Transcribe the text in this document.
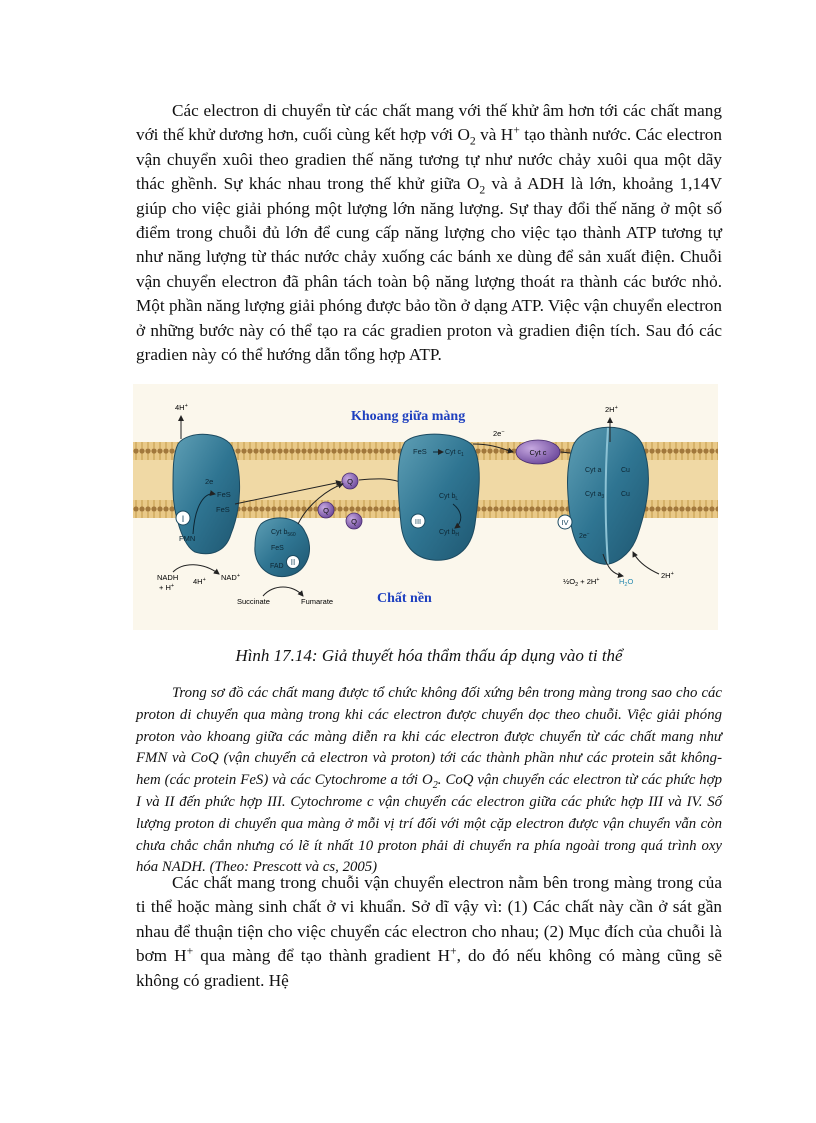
Các electron di chuyển từ các chất mang với thế khử âm hơn tới các chất mang với thế khử dương hơn, cuối cùng kết hợp với $O_2$ và H+ tạo thành nước. Các electron vận chuyển xuôi theo gradien thế năng tương tự như nước chảy xuôi qua một dãy thác ghềnh. Sự khác nhau trong thế khử giữa $O_2$ và ả ADH là lớn, khoảng 1,14V giúp cho việc giải phóng một lượng lớn năng lượng. Sự thay đổi thế năng ở một số điểm trong chuỗi đủ lớn để cung cấp năng lượng cho việc tạo thành ATP tương tự như năng lượng từ thác nước chảy xuống các bánh xe dùng để sản xuất điện. Chuỗi vận chuyển electron đã phân tách toàn bộ năng lượng thoát ra thành các bước nhỏ. Một phần năng lượng giải phóng được bảo tồn ở dạng ATP. Việc vận chuyển electron ở những bước này có thể tạo ra các gradien proton và gradien điện tích. Sau đó các gradien này có thể hướng dẫn tổng hợp ATP.

I
FMN
FeS
FeS
2e
4H+
NADH
+ H+	4H+ NAD+
II
Cyt $b_{560}$
FeS
FAD
Succinate	Fumarate
Q
Q
Q	III
FeS	Cyt $c_1$
Cyt $b_L$
Cyt $b_H$
2e−
Cyt c
IV
Cyt a	Cu
Cyt $a_3$ Cu
2e−
2H+
$\frac{1}{2}O_2 + 2H^+$	$H_2O$
2H+
Khoang giữa màng
Chất nền

Hình 17.14: Giả thuyết hóa thẩm thấu áp dụng vào ti thể

Trong sơ đồ các chất mang được tổ chức không đối xứng bên trong màng trong sao cho các proton di chuyển qua màng trong khi các electron được chuyển dọc theo chuỗi. Việc giải phóng proton vào khoang giữa các màng diễn ra khi các electron được chuyển từ các chất mang như FMN và CoQ (vận chuyển cả electron và proton) tới các thành phần như các protein sắt không-hem (các protein FeS) và các Cytochrome a tới $O_2$. CoQ vận chuyển các electron từ các phức hợp I và II đến phức hợp III. Cytochrome c vận chuyển các electron giữa các phức hợp III và IV. Số lượng proton di chuyển qua màng ở mỗi vị trí đối với một cặp electron được vận chuyển vẫn còn chưa chắc chắn nhưng có lẽ ít nhất 10 proton phải di chuyển ra phía ngoài trong quá trình oxy hóa NADH. (Theo: Prescott và cs, 2005)

Các chất mang trong chuỗi vận chuyển electron nằm bên trong màng trong của ti thể hoặc màng sinh chất ở vi khuẩn. Sở dĩ vậy vì: (1) Các chất này cần ở sát gần nhau để thuận tiện cho việc chuyển các electron cho nhau; (2) Mục đích của chuỗi là bơm H+ qua màng để tạo thành gradient H+, do đó nếu không có màng cũng sẽ không có gradient. Hệ
